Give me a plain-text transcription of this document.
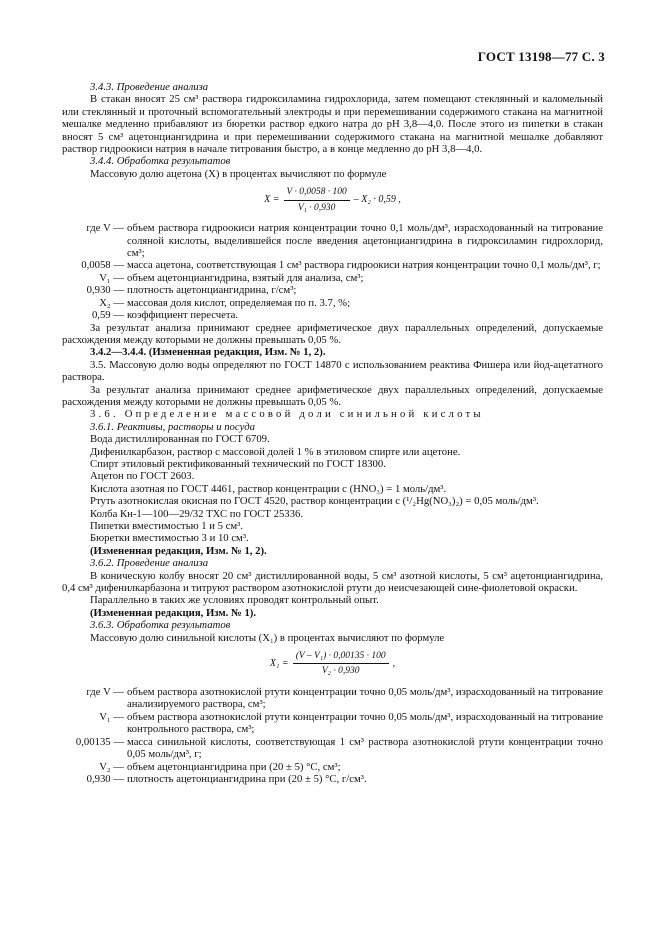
ГОСТ 13198—77 С. 3

3.4.3. Проведение анализа

В стакан вносят 25 см³ раствора гидроксиламина гидрохлорида, затем помещают стеклянный и каломельный или стеклянный и проточный вспомогательный электроды и при перемешивании содержимого стакана на магнитной мешалке медленно прибавляют из бюретки раствор едкого натра до рН 3,8—4,0. После этого из пипетки в стакан вносят 5 см³ ацетонциангидрина и при перемешивании содержимого стакана на магнитной мешалке добавляют раствор гидроокиси натрия в начале титрования быстро, а в конце медленно до рН 3,8—4,0.

3.4.4. Обработка результатов

Массовую долю ацетона (X) в процентах вычисляют по формуле

$X = \frac{V \cdot 0,0058 \cdot 100}{\text{V₁ · 0,930}} - X_2 \cdot 0,59$ ,
где V — объем раствора гидроокиси натрия концентрации точно 0,1 моль/дм³, израсходованный на титрование соляной кислоты, выделившейся после введения ацетонциангидрина в гидроксиламин гидрохлорид, см³;
0,0058 — масса ацетона, соответствующая 1 см³ раствора гидроокиси натрия концентрации точно 0,1 моль/дм³, г;
V₁ — объем ацетонциангидрина, взятый для анализа, см³;
0,930 — плотность ацетонциангидрина, г/см³;
X₂ — массовая доля кислот, определяемая по п. 3.7, %;
0,59 — коэффициент пересчета.

За результат анализа принимают среднее арифметическое двух параллельных определений, допускаемые расхождения между которыми не должны превышать 0,05 %.

3.4.2—3.4.4. (Измененная редакция, Изм. № 1, 2).

3.5. Массовую долю воды определяют по ГОСТ 14870 с использованием реактива Фишера или йод-ацетатного раствора.

За результат анализа принимают среднее арифметическое двух параллельных определений, допускаемые расхождения между которыми не должны превышать 0,05 %.

3.6. Определение массовой доли синильной кислоты

3.6.1. Реактивы, растворы и посуда

Вода дистиллированная по ГОСТ 6709.

Дифенилкарбазон, раствор с массовой долей 1 % в этиловом спирте или ацетоне.

Спирт этиловый ректификованный технический по ГОСТ 18300.

Ацетон по ГОСТ 2603.

Кислота азотная по ГОСТ 4461, раствор концентрации c (HNO₃) = 1 моль/дм³.

Ртуть азотнокислая окисная по ГОСТ 4520, раствор концентрации c (¹/₂Hg(NO₃)₂) = 0,05 моль/дм³.

Колба Кн-1—100—29/32 ТХС по ГОСТ 25336.

Пипетки вместимостью 1 и 5 см³.

Бюретки вместимостью 3 и 10 см³.

(Измененная редакция, Изм. № 1, 2).

3.6.2. Проведение анализа

В коническую колбу вносят 20 см³ дистиллированной воды, 5 см³ азотной кислоты, 5 см³ ацетонциангидрина, 0,4 см³ дифенилкарбазона и титруют раствором азотнокислой ртути до неисчезающей сине-фиолетовой окраски.

Параллельно в таких же условиях проводят контрольный опыт.

(Измененная редакция, Изм. № 1).

3.6.3. Обработка результатов

Массовую долю синильной кислоты (X₁) в процентах вычисляют по формуле

$X_1 = \frac{\text{(V – V₁) · 0,00135 · 100}}{\text{V₂ · 0,930}}$ ,
где V — объем раствора азотнокислой ртути концентрации точно 0,05 моль/дм³, израсходованный на титрование анализируемого раствора, см³;
V₁ — объем раствора азотнокислой ртути концентрации точно 0,05 моль/дм³, израсходованный на титрование контрольного раствора, см³;
0,00135 — масса синильной кислоты, соответствующая 1 см³ раствора азотнокислой ртути концентрации точно 0,05 моль/дм³, г;
V₂ — объем ацетонциангидрина при (20 ± 5) °С, см³;
0,930 — плотность ацетонциангидрина при (20 ± 5) °С, г/см³.
